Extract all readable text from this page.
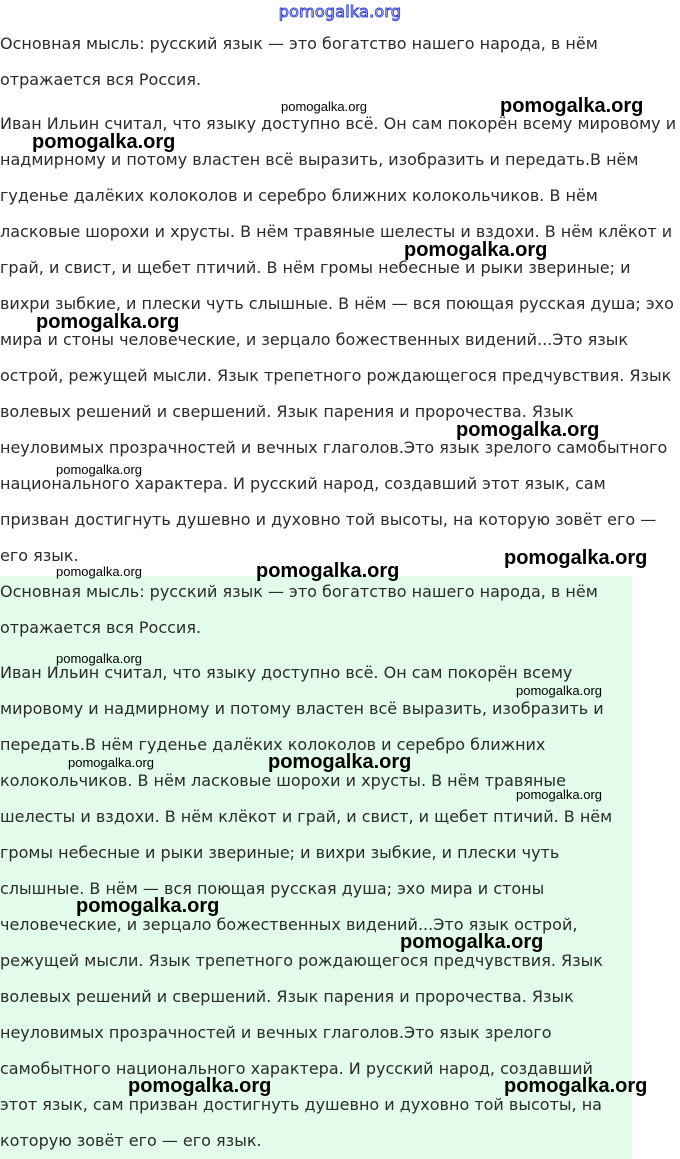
pomogalka.org
Основная мысль: русский язык — это богатство нашего народа, в нём
отражается вся Россия.
Иван Ильин считал, что языку доступно всё. Он сам покорён всему мировому и
надмирному и потому властен всё выразить, изобразить и передать.В нём
гуденье далёких колоколов и серебро ближних колокольчиков. В нём
ласковые шорохи и хрусты. В нём травяные шелесты и вздохи. В нём клёкот и
грай, и свист, и щебет птичий. В нём громы небесные и рыки звериные; и
вихри зыбкие, и плески чуть слышные. В нём — вся поющая русская душа; эхо
мира и стоны человеческие, и зерцало божественных видений...Это язык
острой, режущей мысли. Язык трепетного рождающегося предчувствия. Язык
волевых решений и свершений. Язык парения и пророчества. Язык
неуловимых прозрачностей и вечных глаголов.Это язык зрелого самобытного
национального характера. И русский народ, создавший этот язык, сам
призван достигнуть душевно и духовно той высоты, на которую зовёт его —
его язык.
Основная мысль: русский язык — это богатство нашего народа, в нём
отражается вся Россия.
Иван Ильин считал, что языку доступно всё. Он сам покорён всему
мировому и надмирному и потому властен всё выразить, изобразить и
передать.В нём гуденье далёких колоколов и серебро ближних
колокольчиков. В нём ласковые шорохи и хрусты. В нём травяные
шелесты и вздохи. В нём клёкот и грай, и свист, и щебет птичий. В нём
громы небесные и рыки звериные; и вихри зыбкие, и плески чуть
слышные. В нём — вся поющая русская душа; эхо мира и стоны
человеческие, и зерцало божественных видений...Это язык острой,
режущей мысли. Язык трепетного рождающегося предчувствия. Язык
волевых решений и свершений. Язык парения и пророчества. Язык
неуловимых прозрачностей и вечных глаголов.Это язык зрелого
самобытного национального характера. И русский народ, создавший
этот язык, сам призван достигнуть душевно и духовно той высоты, на
которую зовёт его — его язык.
pomogalka.org	pomogalka.org
pomogalka.org
pomogalka.org
pomogalka.org
pomogalka.org
pomogalka.org
pomogalka.org
pomogalka.org	pomogalka.org
pomogalka.org
pomogalka.org
pomogalka.org	pomogalka.org
pomogalka.org
pomogalka.org
pomogalka.org
pomogalka.org	pomogalka.org
